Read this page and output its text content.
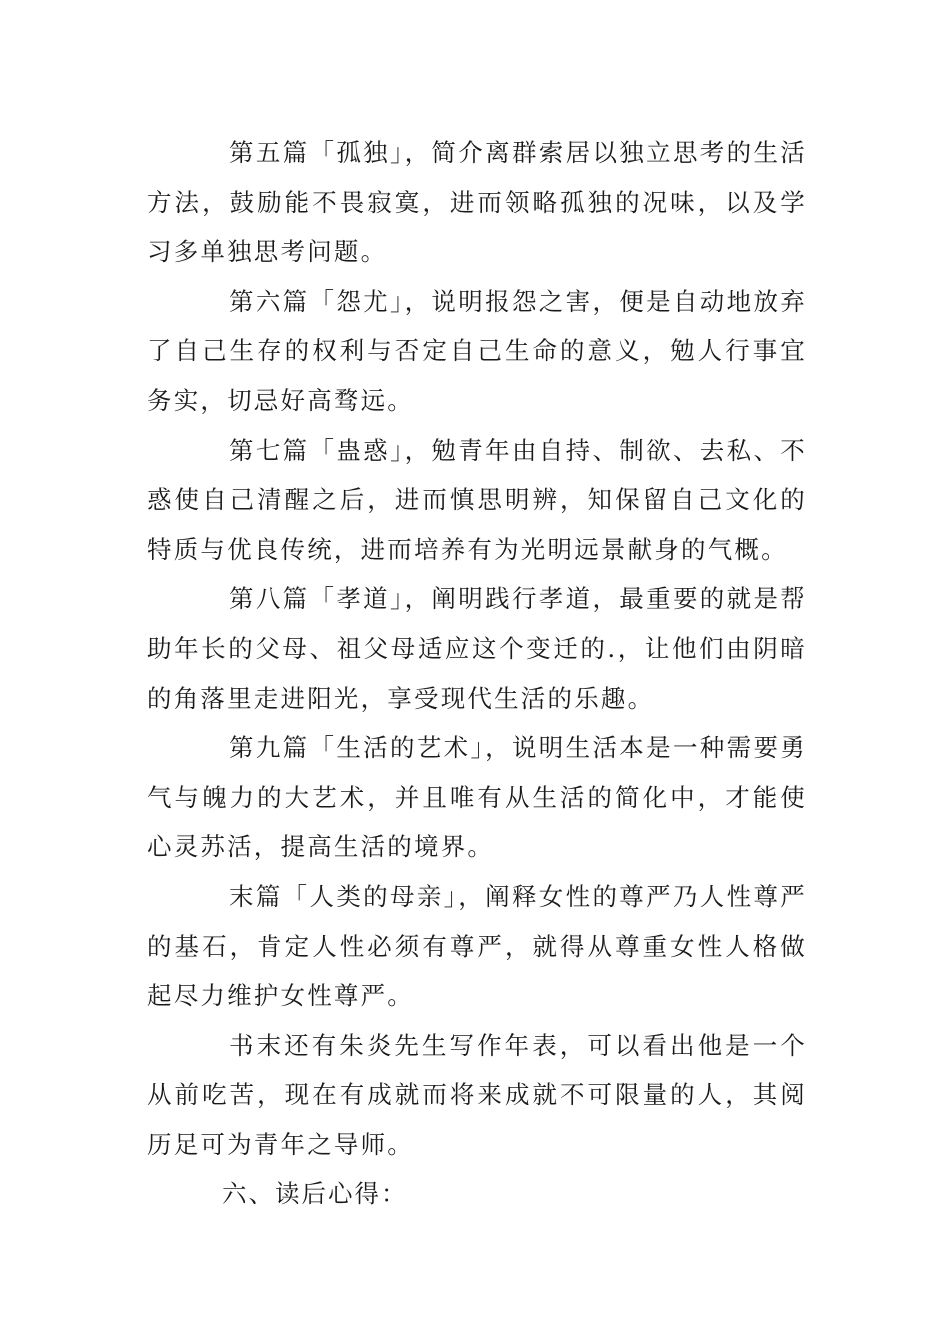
第五篇「孤独」，简介离群索居以独立思考的生活方法，鼓励能不畏寂寞，进而领略孤独的况味，以及学习多单独思考问题。

第六篇「怨尤」，说明报怨之害，便是自动地放弃了自己生存的权利与否定自己生命的意义，勉人行事宜务实，切忌好高骛远。

第七篇「蛊惑」，勉青年由自持、制欲、去私、不惑使自己清醒之后，进而慎思明辨，知保留自己文化的特质与优良传统，进而培养有为光明远景献身的气概。

第八篇「孝道」，阐明践行孝道，最重要的就是帮助年长的父母、祖父母适应这个变迁的.，让他们由阴暗的角落里走进阳光，享受现代生活的乐趣。

第九篇「生活的艺术」，说明生活本是一种需要勇气与魄力的大艺术，并且唯有从生活的简化中，才能使心灵苏活，提高生活的境界。

末篇「人类的母亲」，阐释女性的尊严乃人性尊严的基石，肯定人性必须有尊严，就得从尊重女性人格做起尽力维护女性尊严。

书末还有朱炎先生写作年表，可以看出他是一个从前吃苦，现在有成就而将来成就不可限量的人，其阅历足可为青年之导师。

六、读后心得：
